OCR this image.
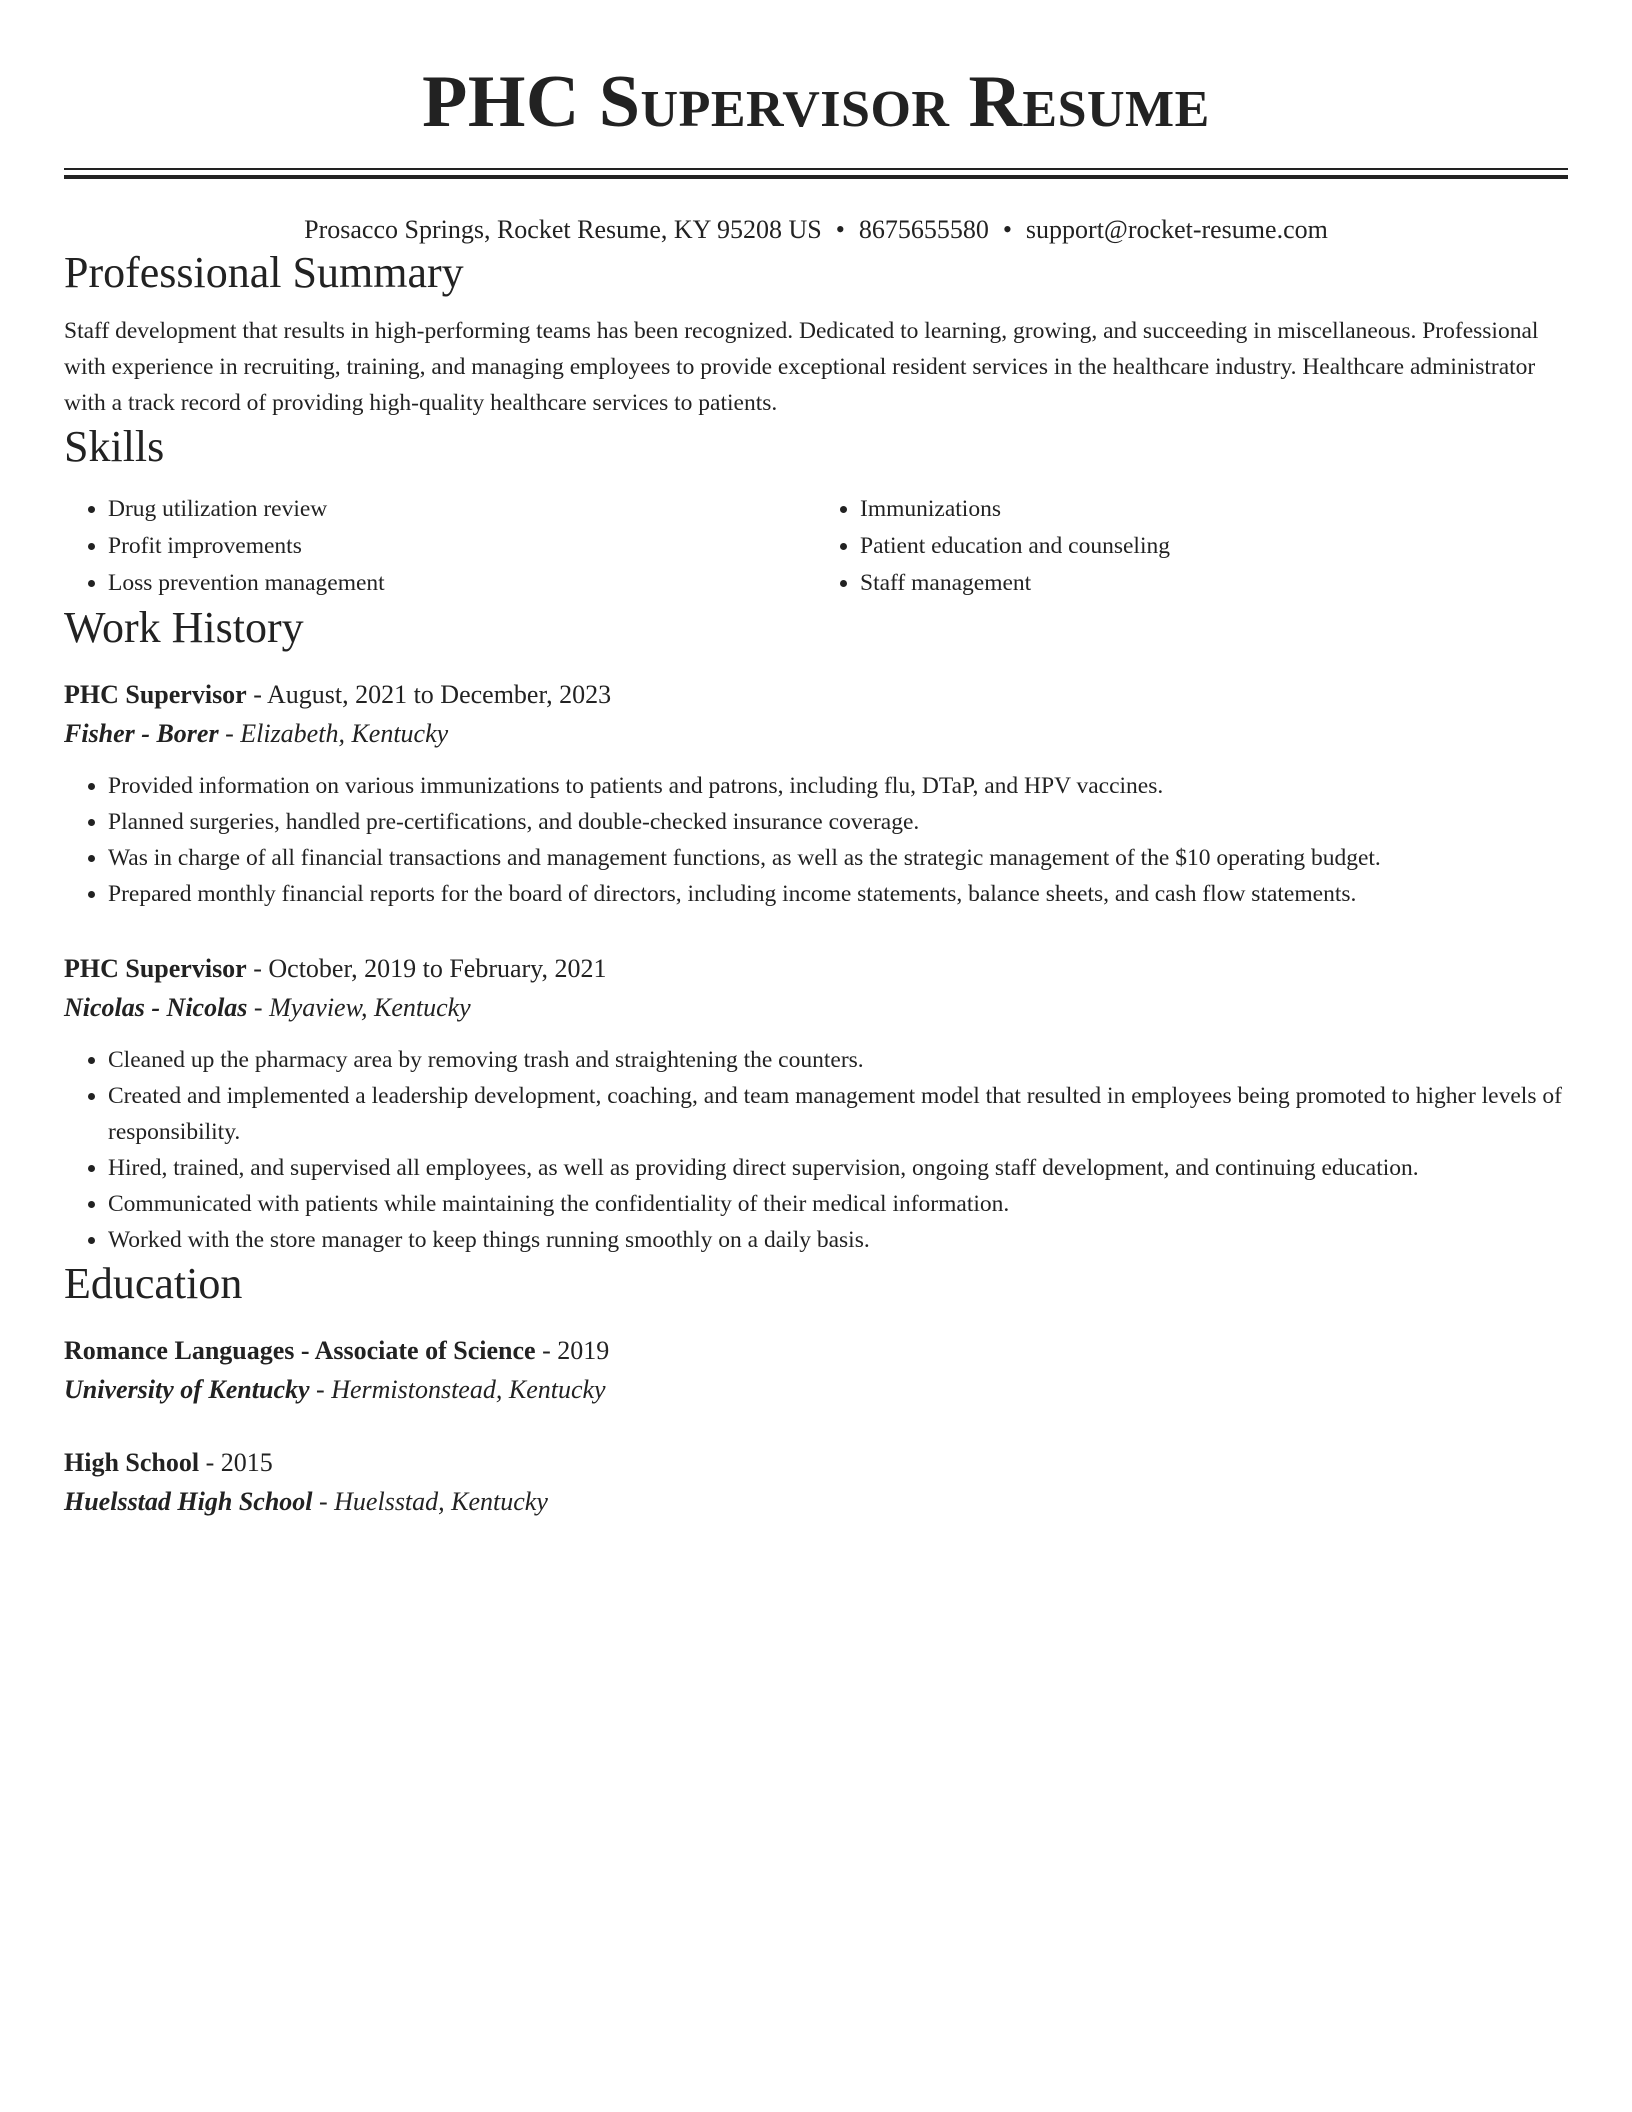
PHC Supervisor Resume
Prosacco Springs, Rocket Resume, KY 95208 US • 8675655580 • support@rocket-resume.com
Professional Summary

Staff development that results in high-performing teams has been recognized. Dedicated to learning, growing, and succeeding in miscellaneous. Professional with experience in recruiting, training, and managing employees to provide exceptional resident services in the healthcare industry. Healthcare administrator with a track record of providing high-quality healthcare services to patients.

Skills
• Drug utilization review
• Profit improvements
• Loss prevention management
• Immunizations
• Patient education and counseling
• Staff management
Work History
PHC Supervisor - August, 2021 to December, 2023
Fisher - Borer - Elizabeth, Kentucky
• Provided information on various immunizations to patients and patrons, including flu, DTaP, and HPV vaccines.
• Planned surgeries, handled pre-certifications, and double-checked insurance coverage.
• Was in charge of all financial transactions and management functions, as well as the strategic management of the $10 operating budget.
• Prepared monthly financial reports for the board of directors, including income statements, balance sheets, and cash flow statements.
PHC Supervisor - October, 2019 to February, 2021
Nicolas - Nicolas - Myaview, Kentucky
• Cleaned up the pharmacy area by removing trash and straightening the counters.
• Created and implemented a leadership development, coaching, and team management model that resulted in employees being promoted to higher levels of responsibility.
• Hired, trained, and supervised all employees, as well as providing direct supervision, ongoing staff development, and continuing education.
• Communicated with patients while maintaining the confidentiality of their medical information.
• Worked with the store manager to keep things running smoothly on a daily basis.
Education
Romance Languages - Associate of Science - 2019
University of Kentucky - Hermistonstead, Kentucky
High School - 2015
Huelsstad High School - Huelsstad, Kentucky
